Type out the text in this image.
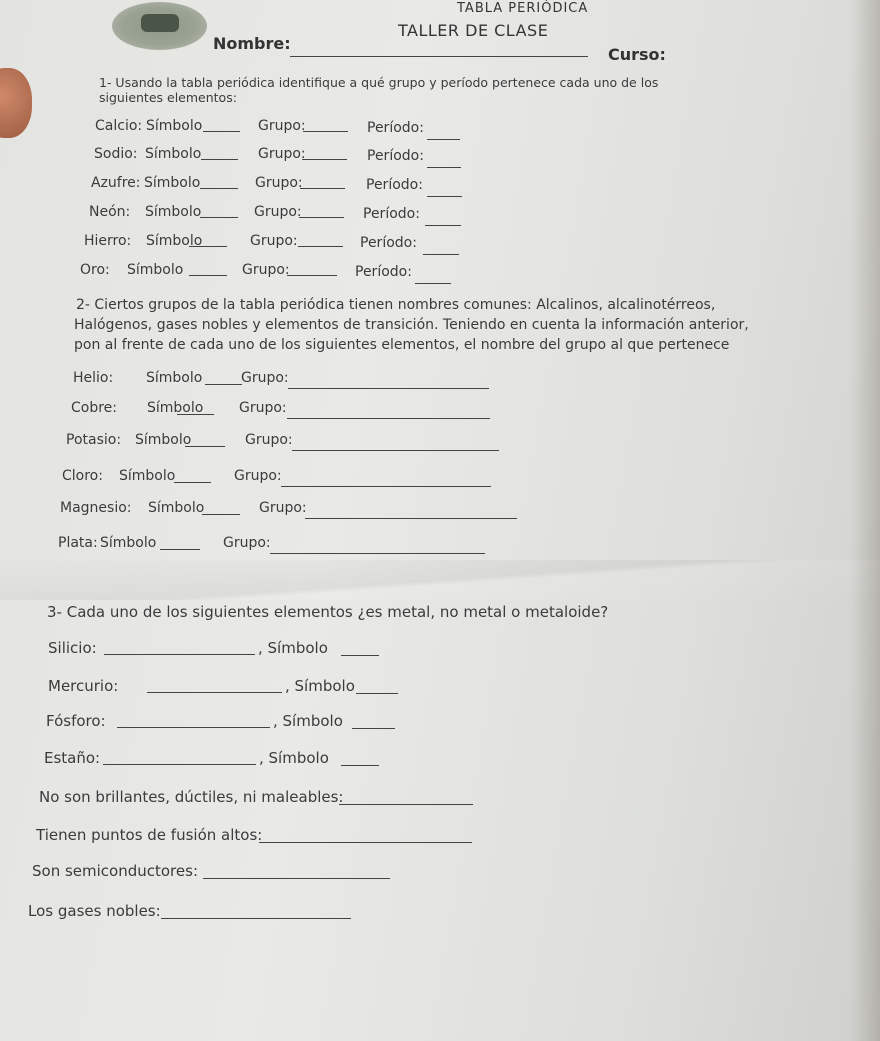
TABLA PERIÓDICA
TALLER DE CLASE
Nombre:
Curso:
1- Usando la tabla periódica identifique a qué grupo y período pertenece cada uno de los
siguientes elementos:
Calcio: Símbolo	Grupo:	Período:
Sodio: Símbolo	Grupo:	Período:
Azufre: Símbolo	Grupo:	Período:
Neón: Símbolo	Grupo:	Período:
Hierro: Símbolo	Grupo:	Período:
Oro: Símbolo	Grupo:	Período:
2- Ciertos grupos de la tabla periódica tienen nombres comunes: Alcalinos, alcalinotérreos,
Halógenos, gases nobles y elementos de transición. Teniendo en cuenta la información anterior,
pon al frente de cada uno de los siguientes elementos, el nombre del grupo al que pertenece
Helio: Símbolo	Grupo:
Cobre: Símbolo	Grupo:
Potasio: Símbolo	Grupo:
Cloro: Símbolo	Grupo:
Magnesio: Símbolo	Grupo:
Plata: Símbolo	Grupo:
3- Cada uno de los siguientes elementos ¿es metal, no metal o metaloide?
Silicio:	, Símbolo
Mercurio:	, Símbolo
Fósforo:	, Símbolo
Estaño:	, Símbolo
No son brillantes, dúctiles, ni maleables:
Tienen puntos de fusión altos:
Son semiconductores:
Los gases nobles:
